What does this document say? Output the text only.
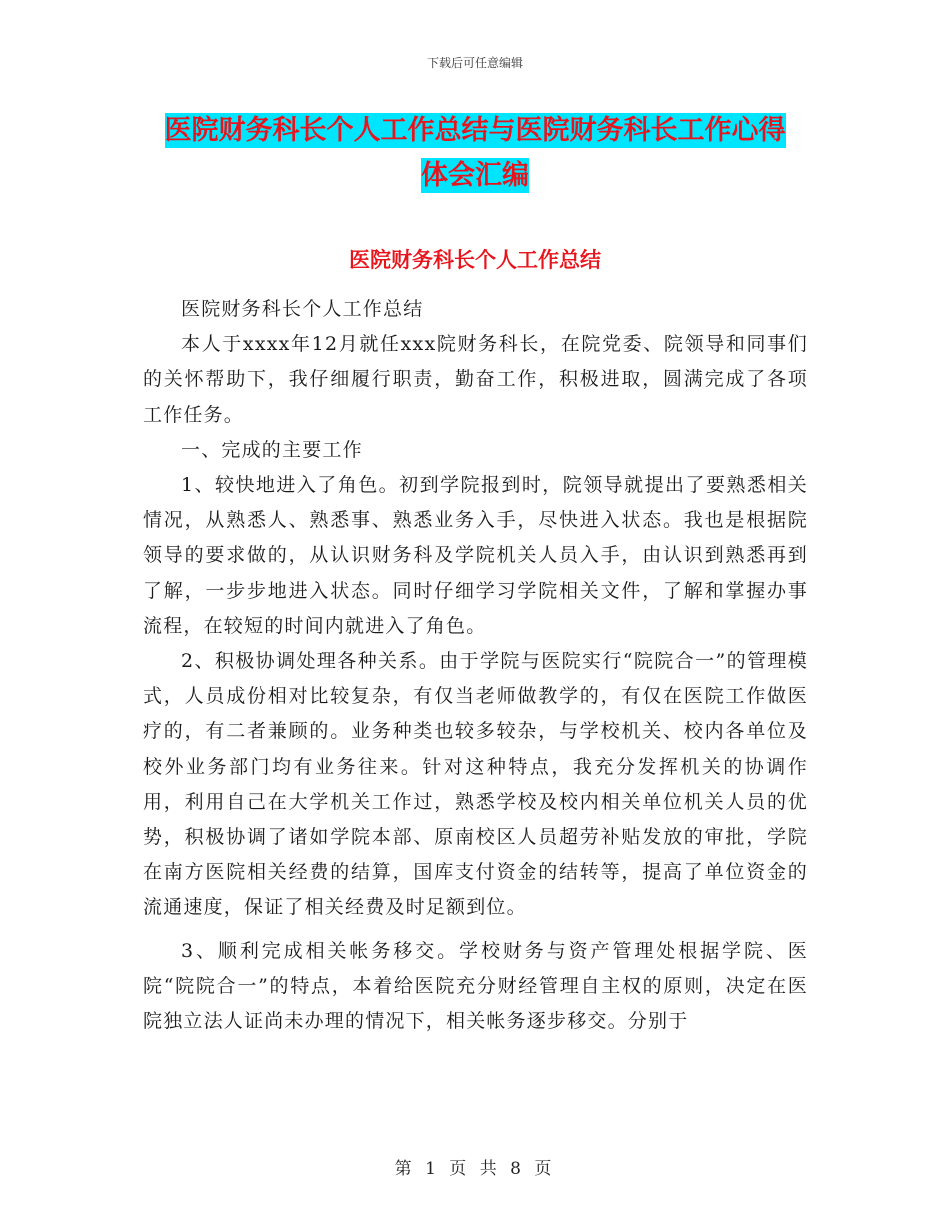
下载后可任意编辑
医院财务科长个人工作总结与医院财务科长工作心得
体会汇编
医院财务科长个人工作总结

医院财务科长个人工作总结

本人于xxxx年12月就任xxx院财务科长，在院党委、院领导和同事们的关怀帮助下，我仔细履行职责，勤奋工作，积极进取，圆满完成了各项工作任务。

一、完成的主要工作

1、较快地进入了角色。初到学院报到时，院领导就提出了要熟悉相关情况，从熟悉人、熟悉事、熟悉业务入手，尽快进入状态。我也是根据院领导的要求做的，从认识财务科及学院机关人员入手，由认识到熟悉再到了解，一步步地进入状态。同时仔细学习学院相关文件，了解和掌握办事流程，在较短的时间内就进入了角色。

2、积极协调处理各种关系。由于学院与医院实行“院院合一”的管理模式，人员成份相对比较复杂，有仅当老师做教学的，有仅在医院工作做医疗的，有二者兼顾的。业务种类也较多较杂，与学校机关、校内各单位及校外业务部门均有业务往来。针对这种特点，我充分发挥机关的协调作用，利用自己在大学机关工作过，熟悉学校及校内相关单位机关人员的优势，积极协调了诸如学院本部、原南校区人员超劳补贴发放的审批，学院在南方医院相关经费的结算，国库支付资金的结转等，提高了单位资金的流通速度，保证了相关经费及时足额到位。

3、顺利完成相关帐务移交。学校财务与资产管理处根据学院、医院“院院合一”的特点，本着给医院充分财经管理自主权的原则，决定在医院独立法人证尚未办理的情况下，相关帐务逐步移交。分别于

第 1 页 共 8 页
